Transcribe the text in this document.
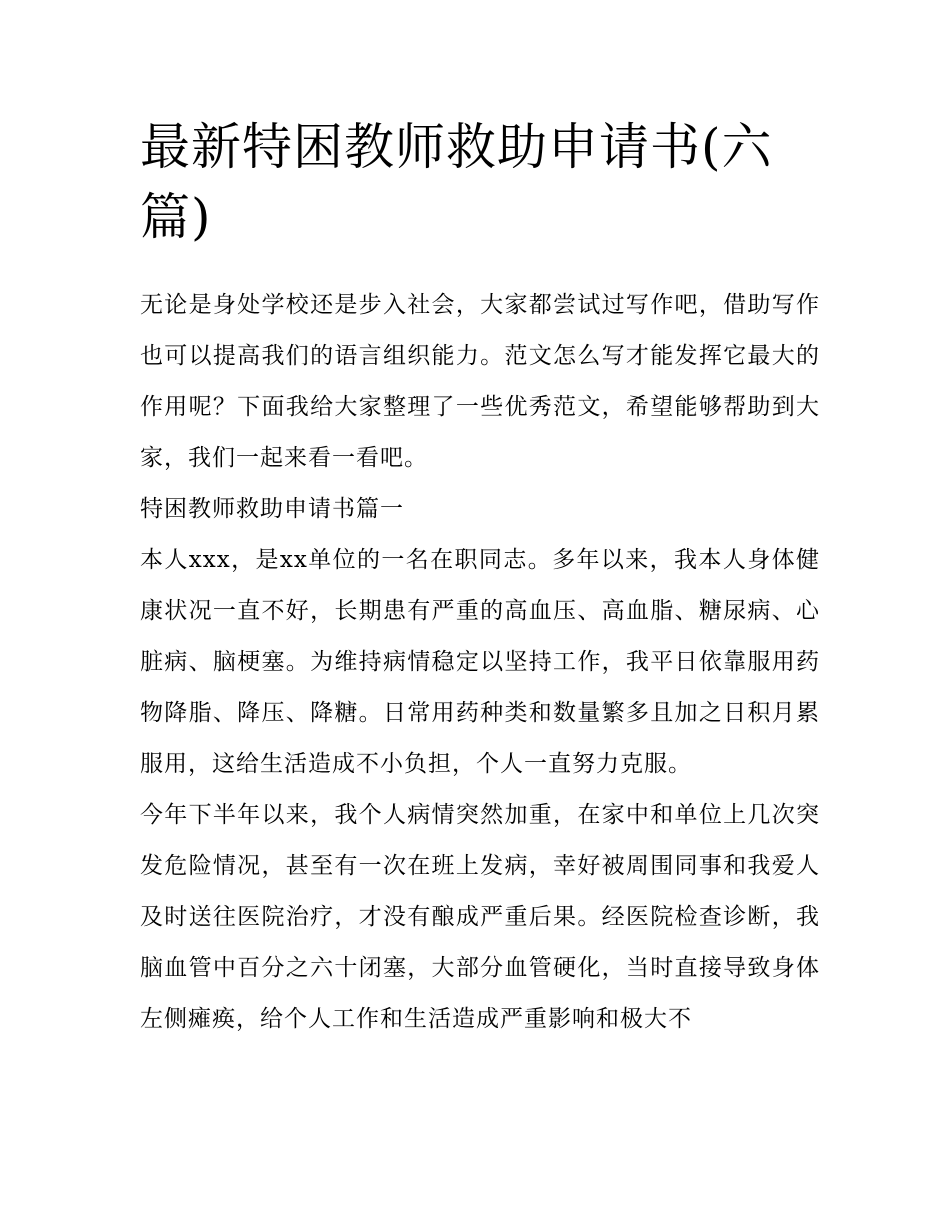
最新特困教师救助申请书(六篇)

无论是身处学校还是步入社会，大家都尝试过写作吧，借助写作也可以提高我们的语言组织能力。范文怎么写才能发挥它最大的作用呢？下面我给大家整理了一些优秀范文，希望能够帮助到大家，我们一起来看一看吧。

特困教师救助申请书篇一

本人xxx，是xx单位的一名在职同志。多年以来，我本人身体健康状况一直不好，长期患有严重的高血压、高血脂、糖尿病、心脏病、脑梗塞。为维持病情稳定以坚持工作，我平日依靠服用药物降脂、降压、降糖。日常用药种类和数量繁多且加之日积月累服用，这给生活造成不小负担，个人一直努力克服。

今年下半年以来，我个人病情突然加重，在家中和单位上几次突发危险情况，甚至有一次在班上发病，幸好被周围同事和我爱人及时送往医院治疗，才没有酿成严重后果。经医院检查诊断，我脑血管中百分之六十闭塞，大部分血管硬化，当时直接导致身体左侧瘫痪，给个人工作和生活造成严重影响和极大不
